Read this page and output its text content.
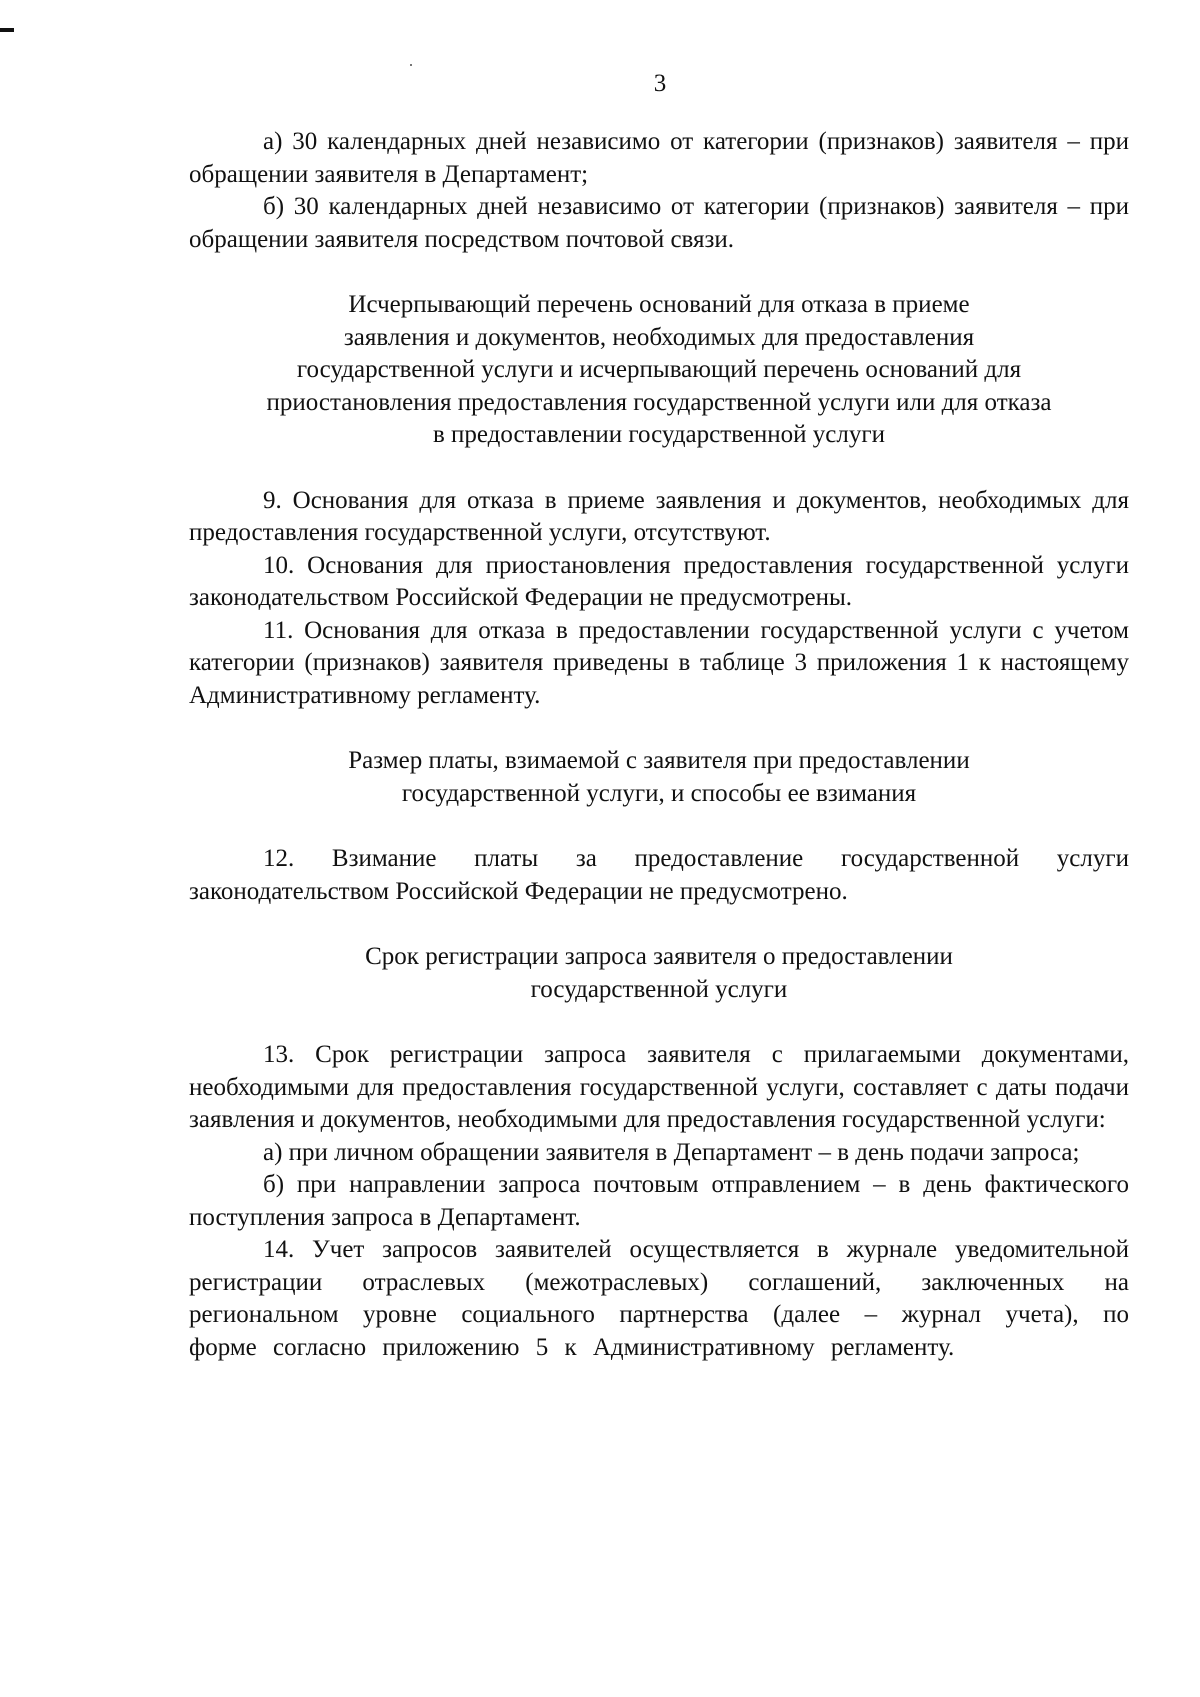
3

а) 30 календарных дней независимо от категории (признаков) заявителя – при обращении заявителя в Департамент;

б) 30 календарных дней независимо от категории (признаков) заявителя – при обращении заявителя посредством почтовой связи.

Исчерпывающий перечень оснований для отказа в приеме
заявления и документов, необходимых для предоставления
государственной услуги и исчерпывающий перечень оснований для
приостановления предоставления государственной услуги или для отказа
в предоставлении государственной услуги

9. Основания для отказа в приеме заявления и документов, необходимых для предоставления государственной услуги, отсутствуют.

10. Основания для приостановления предоставления государственной услуги законодательством Российской Федерации не предусмотрены.

11. Основания для отказа в предоставлении государственной услуги с учетом категории (признаков) заявителя приведены в таблице 3 приложения 1 к настоящему Административному регламенту.

Размер платы, взимаемой с заявителя при предоставлении
государственной услуги, и способы ее взимания

12. Взимание платы за предоставление государственной услуги законодательством Российской Федерации не предусмотрено.

Срок регистрации запроса заявителя о предоставлении
государственной услуги

13. Срок регистрации запроса заявителя с прилагаемыми документами, необходимыми для предоставления государственной услуги, составляет с даты подачи заявления и документов, необходимыми для предоставления государственной услуги:

а) при личном обращении заявителя в Департамент – в день подачи запроса;

б) при направлении запроса почтовым отправлением – в день фактического поступления запроса в Департамент.

14. Учет запросов заявителей осуществляется в журнале уведомительной регистрации отраслевых (межотраслевых) соглашений, заключенных на региональном уровне социального партнерства (далее – журнал учета), по форме согласно приложению 5 к Административному регламенту.
